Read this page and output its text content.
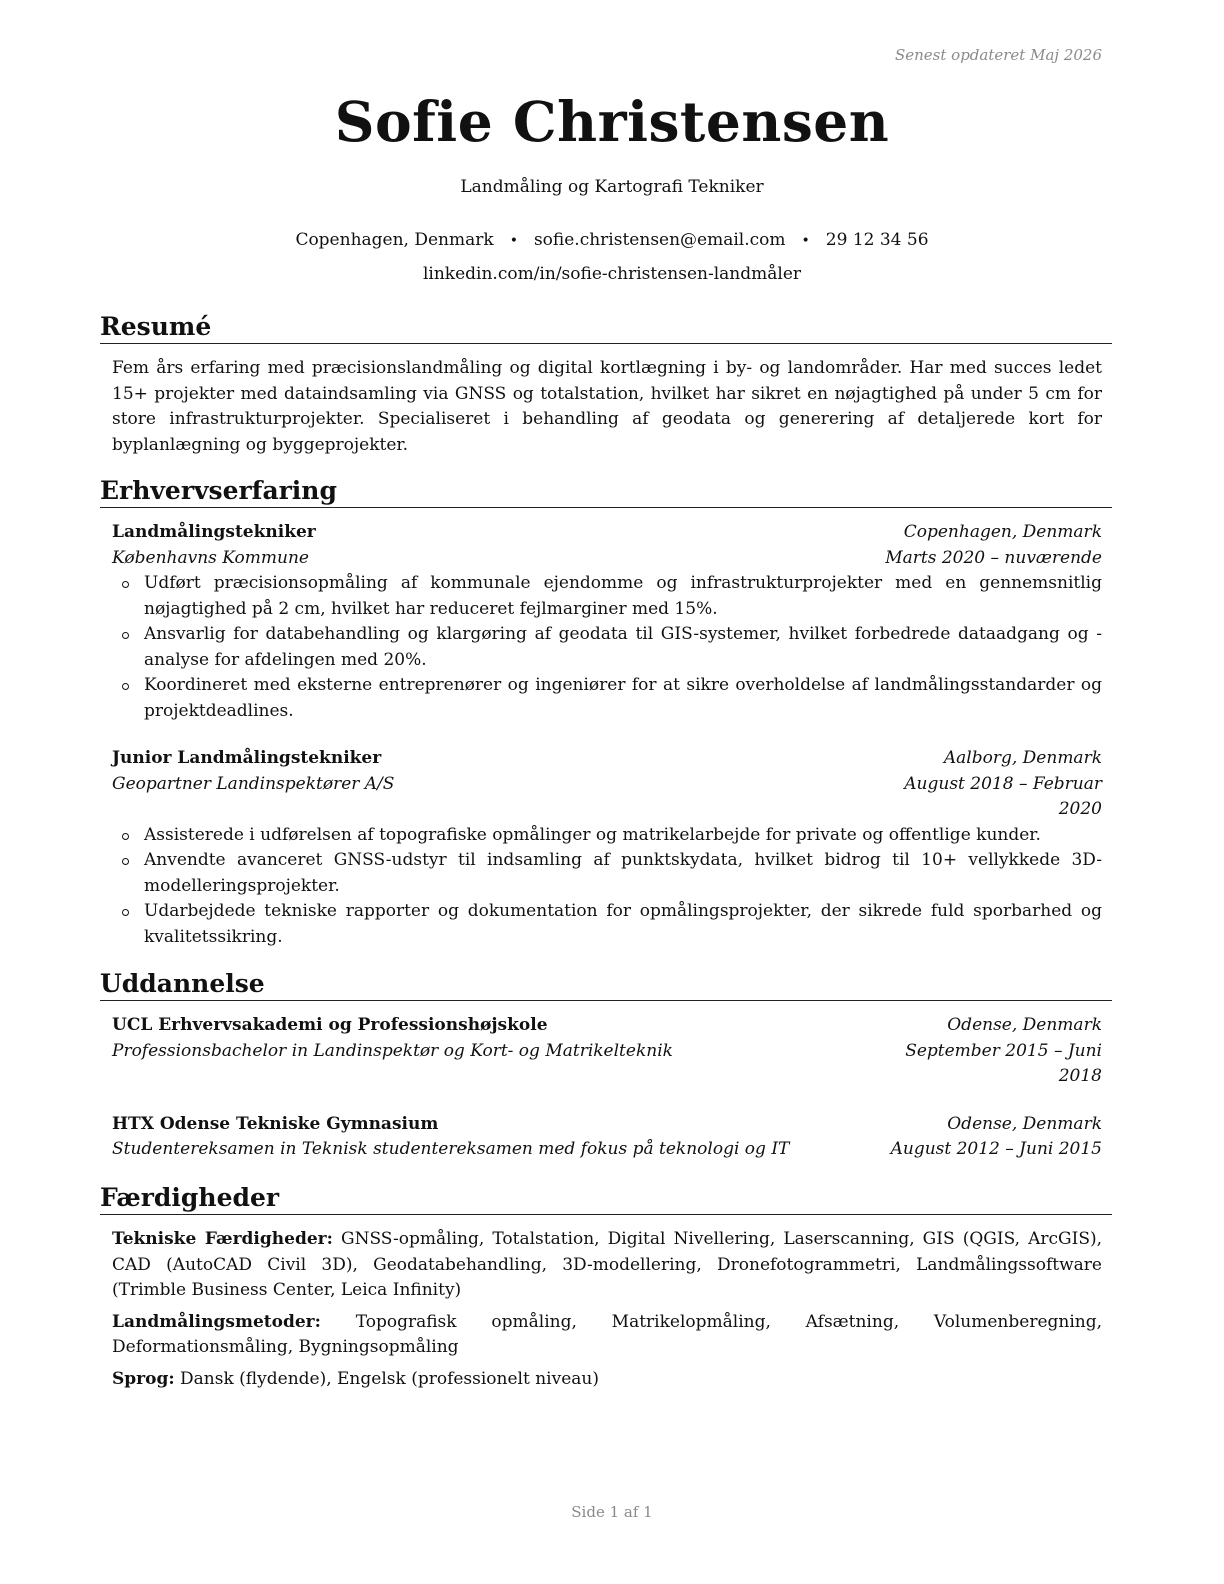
Senest opdateret Maj 2026
Sofie Christensen
Landmåling og Kartografi Tekniker
Copenhagen, Denmark • sofie.christensen@email.com • 29 12 34 56
linkedin.com/in/sofie-christensen-landmåler
Resumé
Fem års erfaring med præcisionslandmåling og digital kortlægning i by- og landområder. Har med succes ledet 15+ projekter med dataindsamling via GNSS og totalstation, hvilket har sikret en nøjagtighed på under 5 cm for store infrastrukturprojekter. Specialiseret i behandling af geodata og generering af detaljerede kort for byplanlægning og byggeprojekter.
Erhvervserfaring
Landmålingstekniker	Copenhagen, Denmark
Københavns Kommune	Marts 2020 – nuværende
Udført præcisionsopmåling af kommunale ejendomme og infrastrukturprojekter med en gennemsnitlig nøjagtighed på 2 cm, hvilket har reduceret fejlmarginer med 15%.
Ansvarlig for databehandling og klargøring af geodata til GIS-systemer, hvilket forbedrede dataadgang og -analyse for afdelingen med 20%.
Koordineret med eksterne entreprenører og ingeniører for at sikre overholdelse af landmålingsstandarder og projektdeadlines.
Junior Landmålingstekniker	Aalborg, Denmark
Geopartner Landinspektører A/S	August 2018 – Februar 2020
Assisterede i udførelsen af topografiske opmålinger og matrikelarbejde for private og offentlige kunder.
Anvendte avanceret GNSS-udstyr til indsamling af punktskydata, hvilket bidrog til 10+ vellykkede 3D-modelleringsprojekter.
Udarbejdede tekniske rapporter og dokumentation for opmålingsprojekter, der sikrede fuld sporbarhed og kvalitetssikring.
Uddannelse
UCL Erhvervsakademi og Professionshøjskole	Odense, Denmark
Professionsbachelor in Landinspektør og Kort- og Matrikelteknik	September 2015 – Juni 2018
HTX Odense Tekniske Gymnasium	Odense, Denmark
Studentereksamen in Teknisk studentereksamen med fokus på teknologi og IT	August 2012 – Juni 2015
Færdigheder
Tekniske Færdigheder: GNSS-opmåling, Totalstation, Digital Nivellering, Laserscanning, GIS (QGIS, ArcGIS), CAD (AutoCAD Civil 3D), Geodatabehandling, 3D-modellering, Dronefotogrammetri, Landmålingssoftware (Trimble Business Center, Leica Infinity)
Landmålingsmetoder: Topografisk opmåling, Matrikelopmåling, Afsætning, Volumenberegning, Deformationsmåling, Bygningsopmåling
Sprog: Dansk (flydende), Engelsk (professionelt niveau)
Side 1 af 1
